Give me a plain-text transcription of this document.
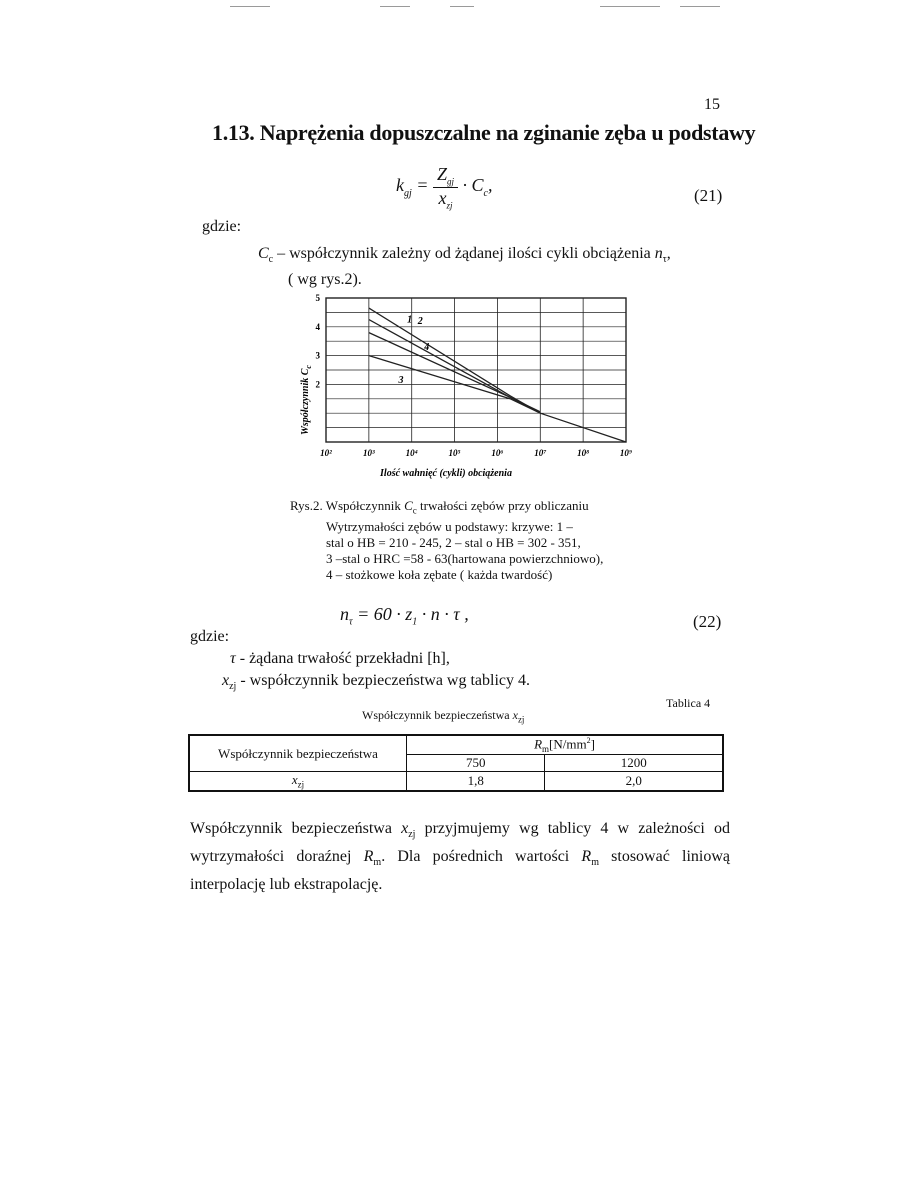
15
1.13. Naprężenia dopuszczalne na zginanie zęba u podstawy
$k_{gj} = \frac{Z_{gj}}{x_{zj}} \cdot C_c$,
(21)
gdzie:
$C_c$ – współczynnik zależny od żądanej ilości cykli obciążenia $n_\tau$,
( wg rys.2).
1 2
4
3
10²	10³	10⁴	10⁵	10⁶	10⁷	10⁸	10⁹
5
4
3
2
Współczynnik $C_c$
Ilość wahnięć (cykli) obciążenia
Rys.2. Współczynnik $C_c$ trwałości zębów przy obliczaniu
Wytrzymałości zębów u podstawy: krzywe: 1 –
stal o HB = 210 - 245, 2 – stal o HB = 302 - 351,
3 –stal o HRC =58 - 63(hartowana powierzchniowo),
4 – stożkowe koła zębate ( każda twardość)
$n_\tau = 60 \cdot z_1 \cdot n \cdot \tau$ ,	(22)
gdzie:
τ - żądana trwałość przekładni [h],
$x_{zj}$ - współczynnik bezpieczeństwa wg tablicy 4.
Tablica 4
Współczynnik bezpieczeństwa $x_{zj}$
Współczynnik bezpieczeństwa	$R_m[N/mm^2]$	
	750	1200
$x_{zj}$	1,8	2,0
Współczynnik bezpieczeństwa $x_{zj}$ przyjmujemy wg tablicy 4 w zależności od wytrzymałości doraźnej $R_m$. Dla pośrednich wartości $R_m$ stosować liniową interpolację lub ekstrapolację.
